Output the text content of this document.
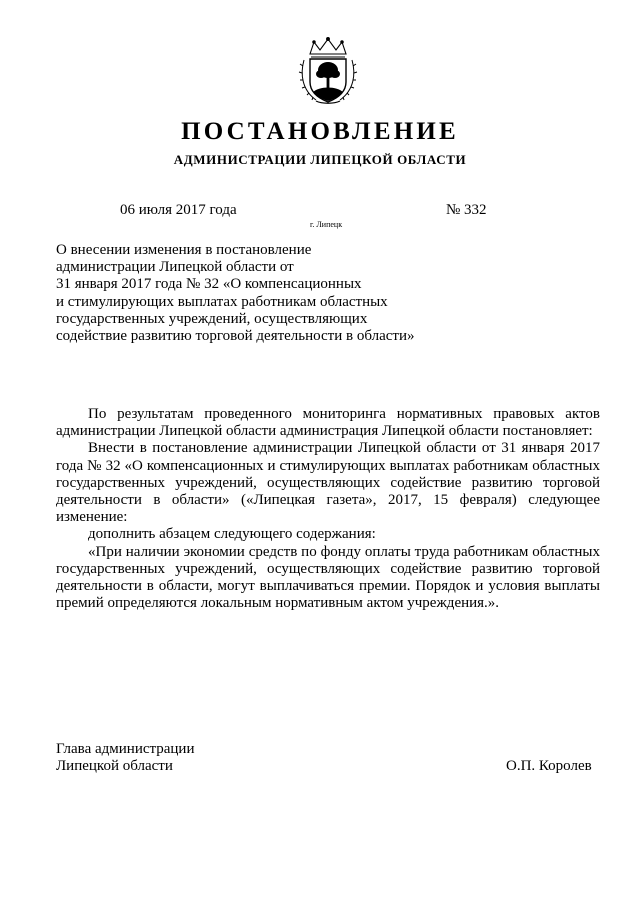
ПОСТАНОВЛЕНИЕ
АДМИНИСТРАЦИИ ЛИПЕЦКОЙ ОБЛАСТИ
06 июля 2017 года
г. Липецк
№ 332
О внесении изменения в постановление
администрации Липецкой области от
31 января 2017 года № 32 «О компенсационных
и стимулирующих выплатах работникам областных
государственных учреждений, осуществляющих
содействие развитию торговой деятельности в области»

По результатам проведенного мониторинга нормативных правовых актов администрации Липецкой области администрация Липецкой области постановляет:

Внести в постановление администрации Липецкой области от 31 января 2017 года № 32 «О компенсационных и стимулирующих выплатах работникам областных государственных учреждений, осуществляющих содействие развитию торговой деятельности в области» («Липецкая газета», 2017, 15 февраля) следующее изменение:

дополнить абзацем следующего содержания:

«При наличии экономии средств по фонду оплаты труда работникам областных государственных учреждений, осуществляющих содействие развитию торговой деятельности в области, могут выплачиваться премии. Порядок и условия выплаты премий определяются локальным нормативным актом учреждения.».

Глава администрации
Липецкой области	О.П. Королев
